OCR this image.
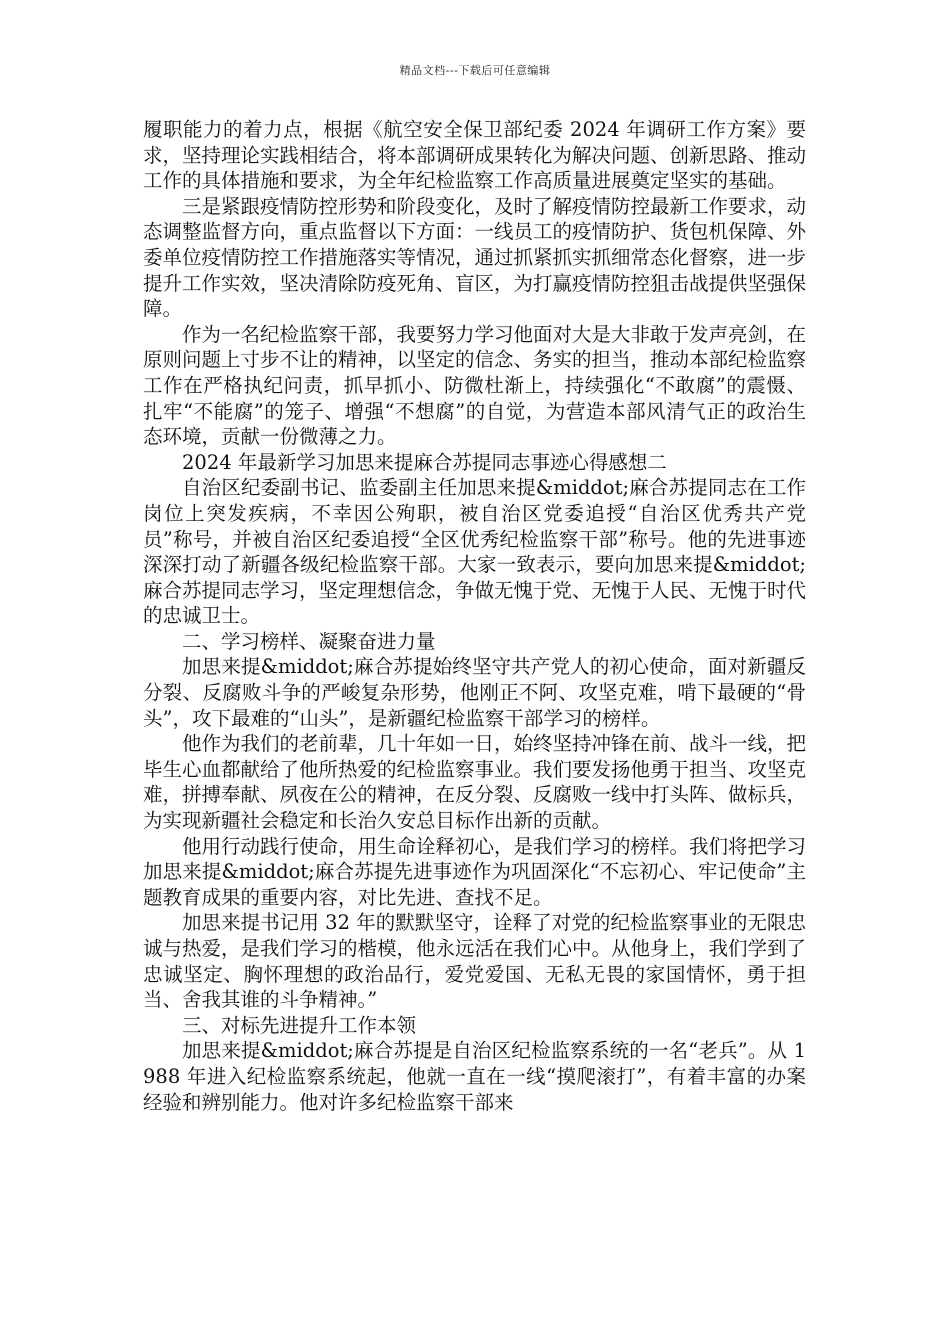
精品文档---下载后可任意编辑

履职能力的着力点，根据《航空安全保卫部纪委 2024 年调研工作方案》要求，坚持理论实践相结合，将本部调研成果转化为解决问题、创新思路、推动工作的具体措施和要求，为全年纪检监察工作高质量进展奠定坚实的基础。

三是紧跟疫情防控形势和阶段变化，及时了解疫情防控最新工作要求，动态调整监督方向，重点监督以下方面：一线员工的疫情防护、货包机保障、外委单位疫情防控工作措施落实等情况，通过抓紧抓实抓细常态化督察，进一步提升工作实效，坚决清除防疫死角、盲区，为打赢疫情防控狙击战提供坚强保障。

作为一名纪检监察干部，我要努力学习他面对大是大非敢于发声亮剑，在原则问题上寸步不让的精神，以坚定的信念、务实的担当，推动本部纪检监察工作在严格执纪问责，抓早抓小、防微杜渐上，持续强化“不敢腐”的震慑、扎牢“不能腐”的笼子、增强“不想腐”的自觉，为营造本部风清气正的政治生态环境，贡献一份微薄之力。

2024 年最新学习加思来提麻合苏提同志事迹心得感想二

自治区纪委副书记、监委副主任加思来提&middot;麻合苏提同志在工作岗位上突发疾病，不幸因公殉职，被自治区党委追授“自治区优秀共产党员”称号，并被自治区纪委追授“全区优秀纪检监察干部”称号。他的先进事迹深深打动了新疆各级纪检监察干部。大家一致表示，要向加思来提&middot;麻合苏提同志学习，坚定理想信念，争做无愧于党、无愧于人民、无愧于时代的忠诚卫士。

二、学习榜样、凝聚奋进力量

加思来提&middot;麻合苏提始终坚守共产党人的初心使命，面对新疆反分裂、反腐败斗争的严峻复杂形势，他刚正不阿、攻坚克难，啃下最硬的“骨头”，攻下最难的“山头”，是新疆纪检监察干部学习的榜样。

他作为我们的老前辈，几十年如一日，始终坚持冲锋在前、战斗一线，把毕生心血都献给了他所热爱的纪检监察事业。我们要发扬他勇于担当、攻坚克难，拼搏奉献、夙夜在公的精神，在反分裂、反腐败一线中打头阵、做标兵，为实现新疆社会稳定和长治久安总目标作出新的贡献。

他用行动践行使命，用生命诠释初心，是我们学习的榜样。我们将把学习加思来提&middot;麻合苏提先进事迹作为巩固深化“不忘初心、牢记使命”主题教育成果的重要内容，对比先进、查找不足。

加思来提书记用 32 年的默默坚守，诠释了对党的纪检监察事业的无限忠诚与热爱，是我们学习的楷模，他永远活在我们心中。从他身上，我们学到了忠诚坚定、胸怀理想的政治品行，爱党爱国、无私无畏的家国情怀，勇于担当、舍我其谁的斗争精神。”

三、对标先进提升工作本领

加思来提&middot;麻合苏提是自治区纪检监察系统的一名“老兵”。从 1988 年进入纪检监察系统起，他就一直在一线“摸爬滚打”，有着丰富的办案经验和辨别能力。他对许多纪检监察干部来
